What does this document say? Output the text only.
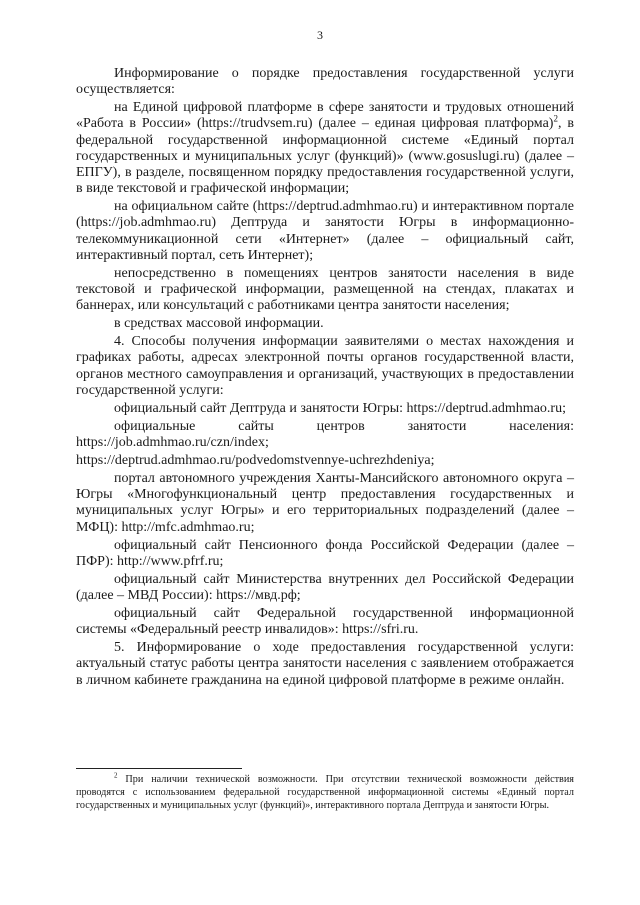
3

Информирование о порядке предоставления государственной услуги осуществляется:

на Единой цифровой платформе в сфере занятости и трудовых отношений «Работа в России» (https://trudvsem.ru) (далее – единая цифровая платформа)$^2$, в федеральной государственной информационной системе «Единый портал государственных и муниципальных услуг (функций)» (www.gosuslugi.ru) (далее – ЕПГУ), в разделе, посвященном порядку предоставления государственной услуги, в виде текстовой и графической информации;

на официальном сайте (https://deptrud.admhmao.ru) и интерактивном портале (https://job.admhmao.ru) Дептруда и занятости Югры в информационно-телекоммуникационной сети «Интернет» (далее – официальный сайт, интерактивный портал, сеть Интернет);

непосредственно в помещениях центров занятости населения в виде текстовой и графической информации, размещенной на стендах, плакатах и баннерах, или консультаций с работниками центра занятости населения;

в средствах массовой информации.

4. Способы получения информации заявителями о местах нахождения и графиках работы, адресах электронной почты органов государственной власти, органов местного самоуправления и организаций, участвующих в предоставлении государственной услуги:

официальный сайт Дептруда и занятости Югры: https://deptrud.admhmao.ru;

официальные сайты центров занятости населения: https://job.admhmao.ru/czn/index;

https://deptrud.admhmao.ru/podvedomstvennye-uchrezhdeniya;

портал автономного учреждения Ханты-Мансийского автономного округа – Югры «Многофункциональный центр предоставления государственных и муниципальных услуг Югры» и его территориальных подразделений (далее – МФЦ): http://mfc.admhmao.ru;

официальный сайт Пенсионного фонда Российской Федерации (далее – ПФР): http://www.pfrf.ru;

официальный сайт Министерства внутренних дел Российской Федерации (далее – МВД России): https://мвд.рф;

официальный сайт Федеральной государственной информационной системы «Федеральный реестр инвалидов»: https://sfri.ru.

5. Информирование о ходе предоставления государственной услуги: актуальный статус работы центра занятости населения с заявлением отображается в личном кабинете гражданина на единой цифровой платформе в режиме онлайн.

$^2$ При наличии технической возможности. При отсутствии технической возможности действия проводятся с использованием федеральной государственной информационной системы «Единый портал государственных и муниципальных услуг (функций)», интерактивного портала Дептруда и занятости Югры.
